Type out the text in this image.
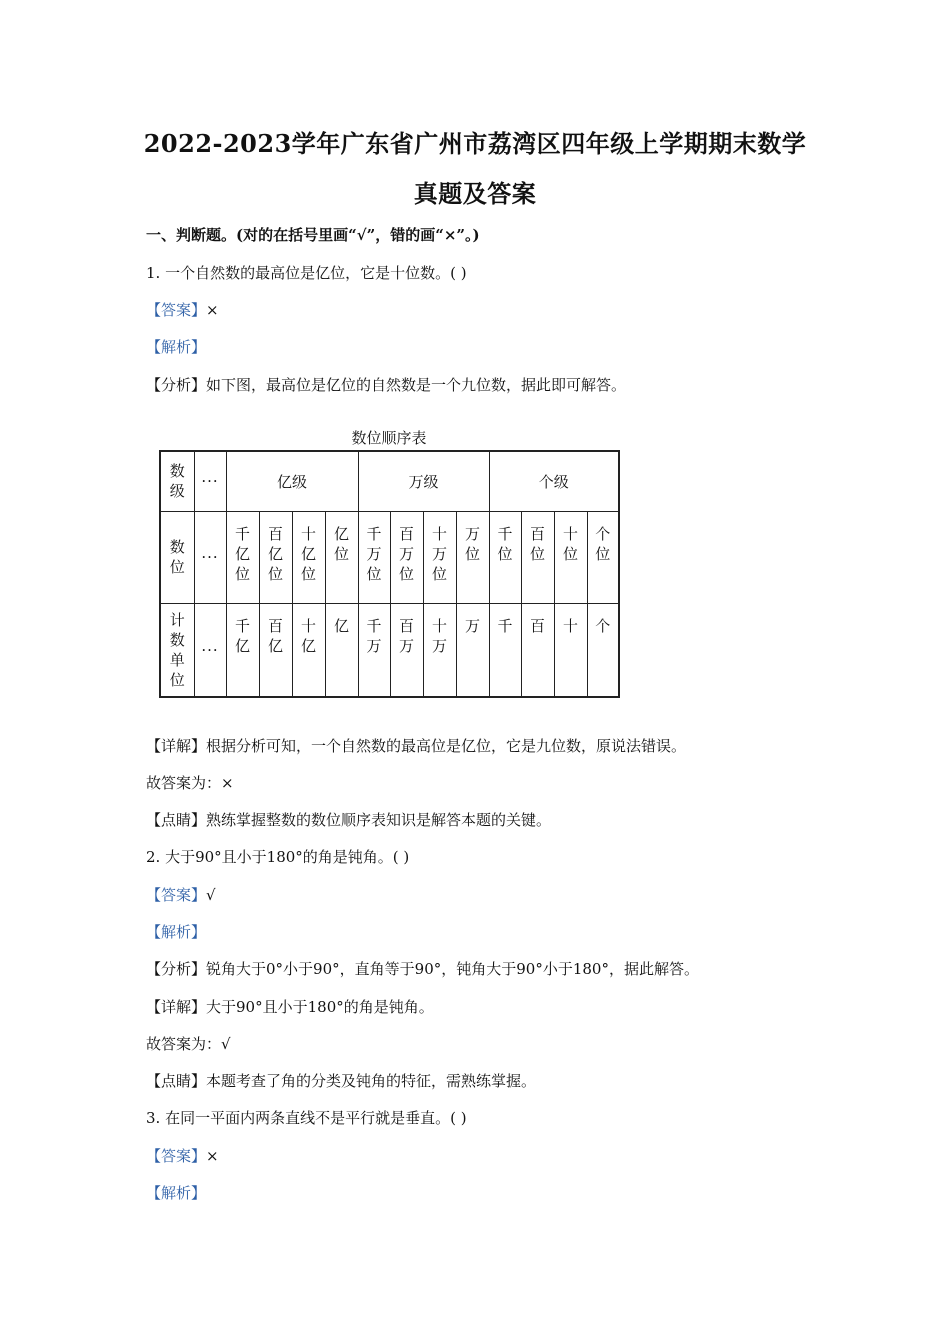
2022-2023学年广东省广州市荔湾区四年级上学期期末数学
真题及答案
一、判断题。(对的在括号里画“√”，错的画“×”。)
1. 一个自然数的最高位是亿位，它是十位数。( )
【答案】×
【解析】
【分析】如下图，最高位是亿位的自然数是一个九位数，据此即可解答。
数位顺序表
数级	···	亿级				万级				个级			
数位	···	千亿位	百亿位	十亿位	亿位	千万位	百万位	十万位	万位	千位	百位	十位	个位
计数单位	···	千亿	百亿	十亿	亿	千万	百万	十万	万	千	百	十	个
【详解】根据分析可知，一个自然数的最高位是亿位，它是九位数，原说法错误。
故答案为：×
【点睛】熟练掌握整数的数位顺序表知识是解答本题的关键。
2. 大于90°且小于180°的角是钝角。( )
【答案】√
【解析】
【分析】锐角大于0°小于90°，直角等于90°，钝角大于90°小于180°，据此解答。
【详解】大于90°且小于180°的角是钝角。
故答案为：√
【点睛】本题考查了角的分类及钝角的特征，需熟练掌握。
3. 在同一平面内两条直线不是平行就是垂直。( )
【答案】×
【解析】
